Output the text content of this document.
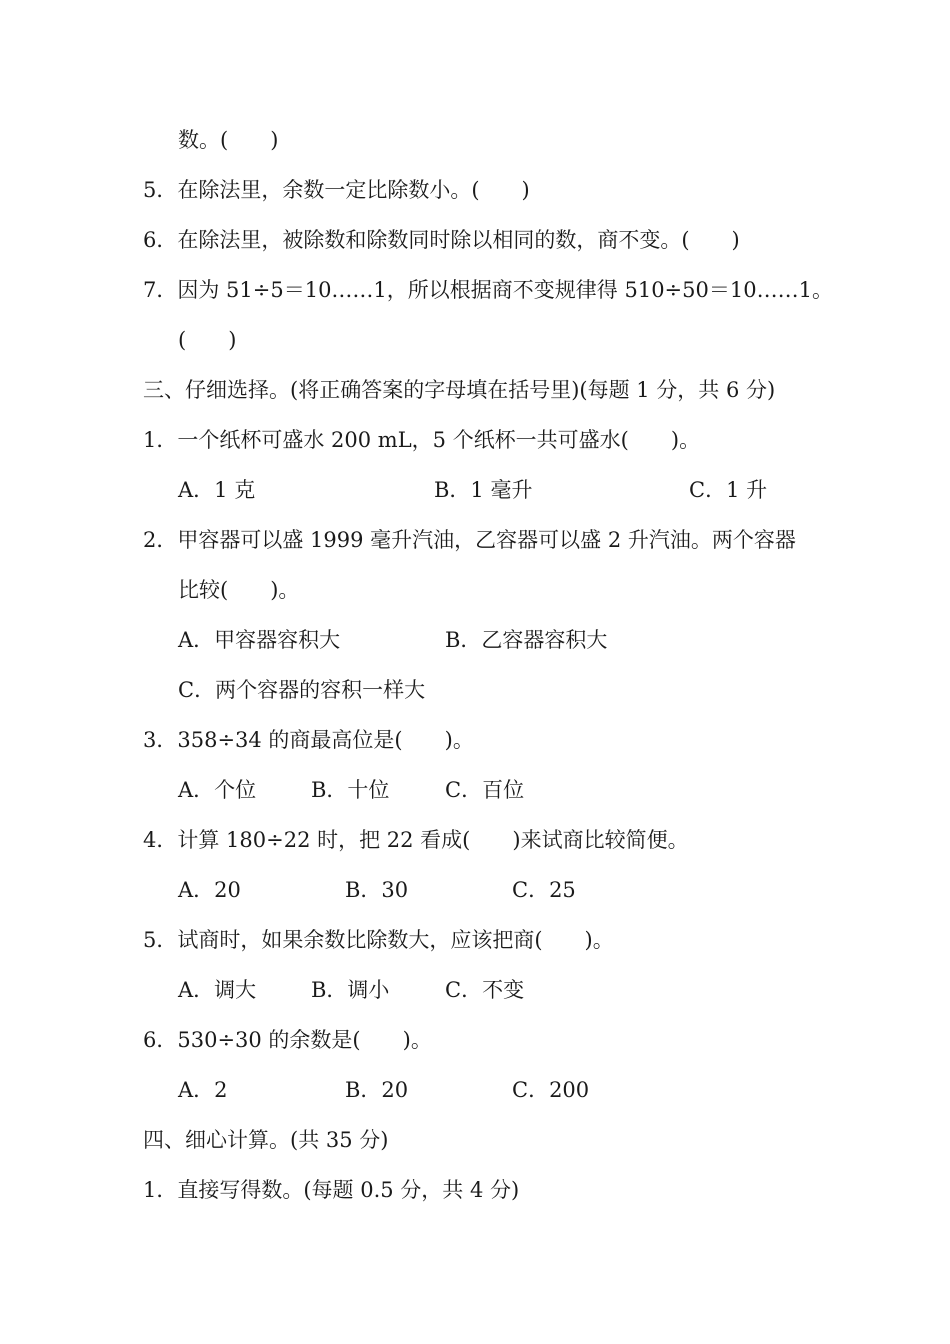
数。(　　)
5．在除法里，余数一定比除数小。(　　)
6．在除法里，被除数和除数同时除以相同的数，商不变。(　　)
7．因为 51÷5＝10……1，所以根据商不变规律得 510÷50＝10……1。
(　　)
三、仔细选择。(将正确答案的字母填在括号里)(每题 1 分，共 6 分)
1．一个纸杯可盛水 200 mL，5 个纸杯一共可盛水(　　)。
A．1 克	B．1 毫升	C．1 升
2．甲容器可以盛 1999 毫升汽油，乙容器可以盛 2 升汽油。两个容器
比较(　　)。
A．甲容器容积大	B．乙容器容积大
C．两个容器的容积一样大
3．358÷34 的商最高位是(　　)。
A．个位	B．十位	C．百位
4．计算 180÷22 时，把 22 看成(　　)来试商比较简便。
A．20	B．30	C．25
5．试商时，如果余数比除数大，应该把商(　　)。
A．调大	B．调小	C．不变
6．530÷30 的余数是(　　)。
A．2	B．20	C．200
四、细心计算。(共 35 分)
1．直接写得数。(每题 0.5 分，共 4 分)
